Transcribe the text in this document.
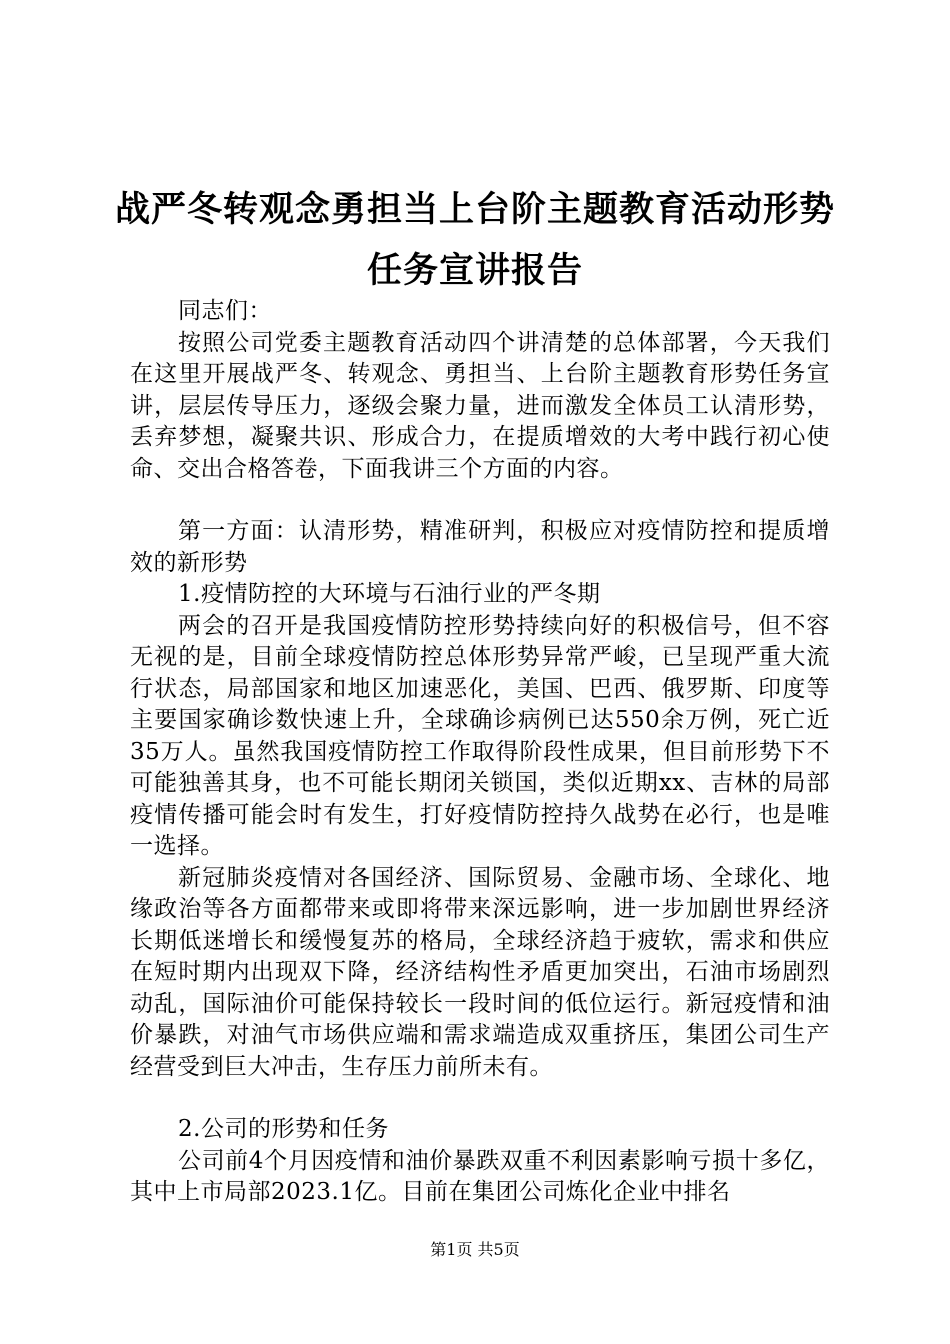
战严冬转观念勇担当上台阶主题教育活动形势
任务宣讲报告

同志们：

按照公司党委主题教育活动四个讲清楚的总体部署，今天我们在这里开展战严冬、转观念、勇担当、上台阶主题教育形势任务宣讲，层层传导压力，逐级会聚力量，进而激发全体员工认清形势，丢弃梦想，凝聚共识、形成合力，在提质增效的大考中践行初心使命、交出合格答卷，下面我讲三个方面的内容。

第一方面：认清形势，精准研判，积极应对疫情防控和提质增效的新形势

1.疫情防控的大环境与石油行业的严冬期

两会的召开是我国疫情防控形势持续向好的积极信号，但不容无视的是，目前全球疫情防控总体形势异常严峻，已呈现严重大流行状态，局部国家和地区加速恶化，美国、巴西、俄罗斯、印度等主要国家确诊数快速上升，全球确诊病例已达550余万例，死亡近35万人。虽然我国疫情防控工作取得阶段性成果，但目前形势下不可能独善其身，也不可能长期闭关锁国，类似近期xx、吉林的局部疫情传播可能会时有发生，打好疫情防控持久战势在必行，也是唯一选择。

新冠肺炎疫情对各国经济、国际贸易、金融市场、全球化、地缘政治等各方面都带来或即将带来深远影响，进一步加剧世界经济长期低迷增长和缓慢复苏的格局，全球经济趋于疲软，需求和供应在短时期内出现双下降，经济结构性矛盾更加突出，石油市场剧烈动乱，国际油价可能保持较长一段时间的低位运行。新冠疫情和油价暴跌，对油气市场供应端和需求端造成双重挤压，集团公司生产经营受到巨大冲击，生存压力前所未有。

2.公司的形势和任务

公司前4个月因疫情和油价暴跌双重不利因素影响亏损十多亿，其中上市局部2023.1亿。目前在集团公司炼化企业中排名

第1页 共5页
